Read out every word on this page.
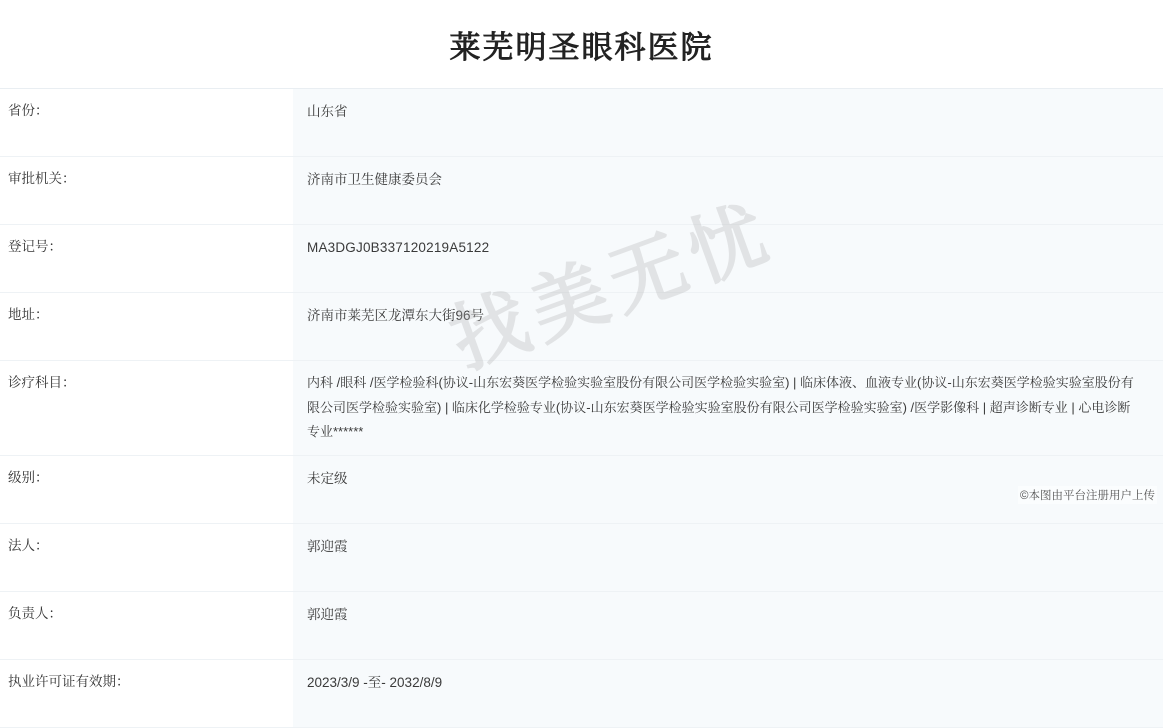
莱芜明圣眼科医院
省份：	山东省
审批机关：	济南市卫生健康委员会
登记号：	MA3DGJ0B337120219A5122
地址：	济南市莱芜区龙潭东大街96号
诊疗科目：	内科 /眼科 /医学检验科(协议-山东宏葵医学检验实验室股份有限公司医学检验实验室) | 临床体液、血液专业(协议-山东宏葵医学检验实验室股份有限公司医学检验实验室) | 临床化学检验专业(协议-山东宏葵医学检验实验室股份有限公司医学检验实验室) /医学影像科 | 超声诊断专业 | 心电诊断专业******
级别：	未定级
法人：	郭迎霞
负责人：	郭迎霞
执业许可证有效期：	2023/3/9 -至- 2032/8/9
找美无忧
©本图由平台注册用户上传
